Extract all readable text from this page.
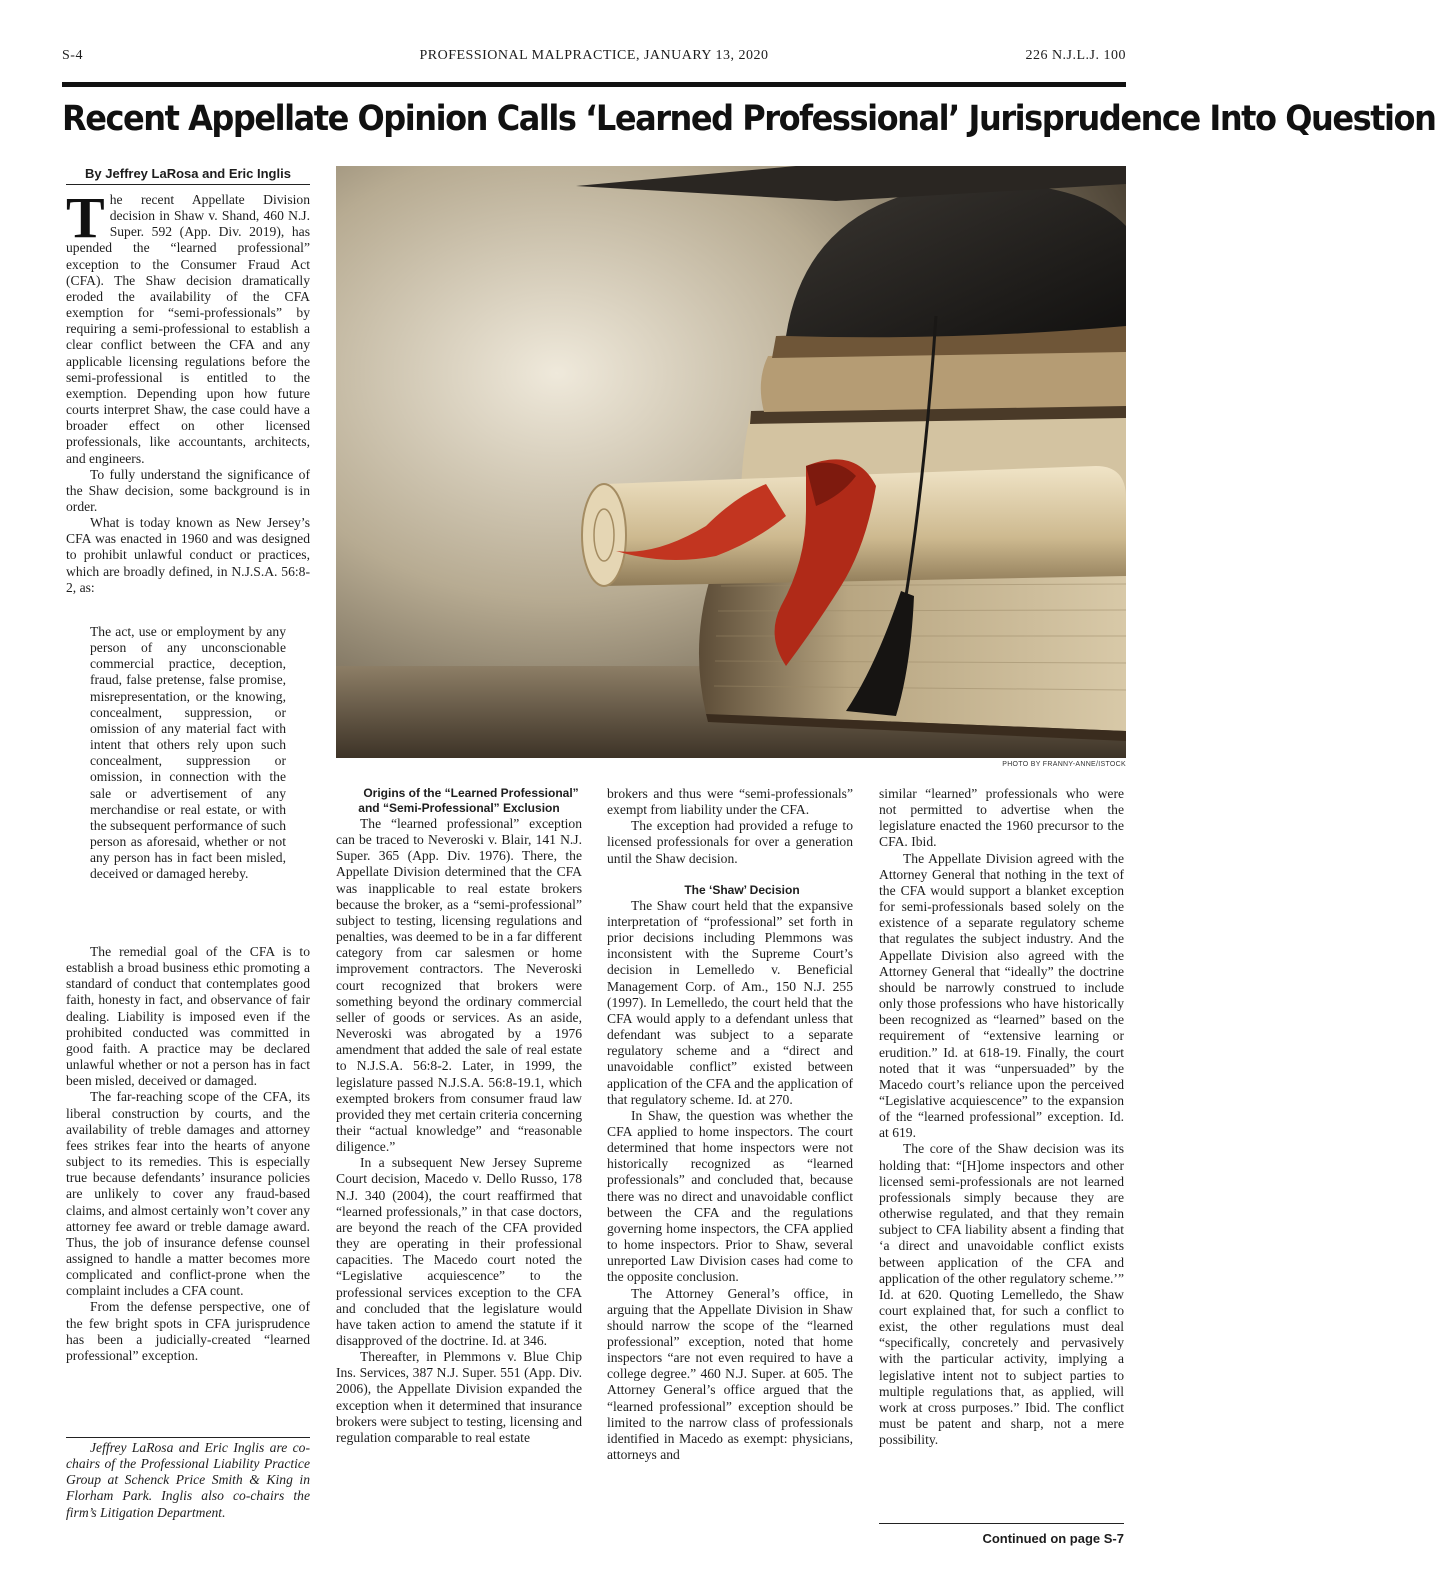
S-4	PROFESSIONAL MALPRACTICE, JANUARY 13, 2020	226 N.J.L.J. 100
Recent Appellate Opinion Calls ‘Learned Professional’ Jurisprudence Into Question
By Jeffrey LaRosa and Eric Inglis

The recent Appellate Division decision in Shaw v. Shand, 460 N.J. Super. 592 (App. Div. 2019), has upended the “learned professional” exception to the Consumer Fraud Act (CFA). The Shaw decision dramatically eroded the availability of the CFA exemption for “semi-professionals” by requiring a semi-professional to establish a clear conflict between the CFA and any applicable licensing regulations before the semi-professional is entitled to the exemption. Depending upon how future courts interpret Shaw, the case could have a broader effect on other licensed professionals, like accountants, architects, and engineers.

To fully understand the significance of the Shaw decision, some background is in order.

What is today known as New Jersey’s CFA was enacted in 1960 and was designed to prohibit unlawful conduct or practices, which are broadly defined, in N.J.S.A. 56:8-2, as:

The act, use or employment by any person of any unconscionable commercial practice, deception, fraud, false pretense, false promise, misrepresentation, or the knowing, concealment, suppression, or omission of any material fact with intent that others rely upon such concealment, suppression or omission, in connection with the sale or advertisement of any merchandise or real estate, or with the subsequent performance of such person as aforesaid, whether or not any person has in fact been misled, deceived or damaged hereby.

The remedial goal of the CFA is to establish a broad business ethic promoting a standard of conduct that contemplates good faith, honesty in fact, and observance of fair dealing. Liability is imposed even if the prohibited conducted was committed in good faith. A practice may be declared unlawful whether or not a person has in fact been misled, deceived or damaged.

The far-reaching scope of the CFA, its liberal construction by courts, and the availability of treble damages and attorney fees strikes fear into the hearts of anyone subject to its remedies. This is especially true because defendants’ insurance policies are unlikely to cover any fraud-based claims, and almost certainly won’t cover any attorney fee award or treble damage award. Thus, the job of insurance defense counsel assigned to handle a matter becomes more complicated and conflict-prone when the complaint includes a CFA count.

From the defense perspective, one of the few bright spots in CFA jurisprudence has been a judicially-created “learned professional” exception.

Jeffrey LaRosa and Eric Inglis are co-chairs of the Professional Liability Practice Group at Schenck Price Smith & King in Florham Park. Inglis also co-chairs the firm’s Litigation Department.
PHOTO BY FRANNY-ANNE/ISTOCK

Origins of the “Learned Professional” and “Semi-Professional” Exclusion

The “learned professional” exception can be traced to Neveroski v. Blair, 141 N.J. Super. 365 (App. Div. 1976). There, the Appellate Division determined that the CFA was inapplicable to real estate brokers because the broker, as a “semi-professional” subject to testing, licensing regulations and penalties, was deemed to be in a far different category from car salesmen or home improvement contractors. The Neveroski court recognized that brokers were something beyond the ordinary commercial seller of goods or services. As an aside, Neveroski was abrogated by a 1976 amendment that added the sale of real estate to N.J.S.A. 56:8-2. Later, in 1999, the legislature passed N.J.S.A. 56:8-19.1, which exempted brokers from consumer fraud law provided they met certain criteria concerning their “actual knowledge” and “reasonable diligence.”

In a subsequent New Jersey Supreme Court decision, Macedo v. Dello Russo, 178 N.J. 340 (2004), the court reaffirmed that “learned professionals,” in that case doctors, are beyond the reach of the CFA provided they are operating in their professional capacities. The Macedo court noted the “Legislative acquiescence” to the professional services exception to the CFA and concluded that the legislature would have taken action to amend the statute if it disapproved of the doctrine. Id. at 346.

Thereafter, in Plemmons v. Blue Chip Ins. Services, 387 N.J. Super. 551 (App. Div. 2006), the Appellate Division expanded the exception when it determined that insurance brokers were subject to testing, licensing and regulation comparable to real estate

brokers and thus were “semi-professionals” exempt from liability under the CFA.

The exception had provided a refuge to licensed professionals for over a generation until the Shaw decision.

The ‘Shaw’ Decision

The Shaw court held that the expansive interpretation of “professional” set forth in prior decisions including Plemmons was inconsistent with the Supreme Court’s decision in Lemelledo v. Beneficial Management Corp. of Am., 150 N.J. 255 (1997). In Lemelledo, the court held that the CFA would apply to a defendant unless that defendant was subject to a separate regulatory scheme and a “direct and unavoidable conflict” existed between application of the CFA and the application of that regulatory scheme. Id. at 270.

In Shaw, the question was whether the CFA applied to home inspectors. The court determined that home inspectors were not historically recognized as “learned professionals” and concluded that, because there was no direct and unavoidable conflict between the CFA and the regulations governing home inspectors, the CFA applied to home inspectors. Prior to Shaw, several unreported Law Division cases had come to the opposite conclusion.

The Attorney General’s office, in arguing that the Appellate Division in Shaw should narrow the scope of the “learned professional” exception, noted that home inspectors “are not even required to have a college degree.” 460 N.J. Super. at 605. The Attorney General’s office argued that the “learned professional” exception should be limited to the narrow class of professionals identified in Macedo as exempt: physicians, attorneys and

similar “learned” professionals who were not permitted to advertise when the legislature enacted the 1960 precursor to the CFA. Ibid.

The Appellate Division agreed with the Attorney General that nothing in the text of the CFA would support a blanket exception for semi-professionals based solely on the existence of a separate regulatory scheme that regulates the subject industry. And the Appellate Division also agreed with the Attorney General that “ideally” the doctrine should be narrowly construed to include only those professions who have historically been recognized as “learned” based on the requirement of “extensive learning or erudition.” Id. at 618-19. Finally, the court noted that it was “unpersuaded” by the Macedo court’s reliance upon the perceived “Legislative acquiescence” to the expansion of the “learned professional” exception. Id. at 619.

The core of the Shaw decision was its holding that: “[H]ome inspectors and other licensed semi-professionals are not learned professionals simply because they are otherwise regulated, and that they remain subject to CFA liability absent a finding that ‘a direct and unavoidable conflict exists between application of the CFA and application of the other regulatory scheme.’” Id. at 620. Quoting Lemelledo, the Shaw court explained that, for such a conflict to exist, the other regulations must deal “specifically, concretely and pervasively with the particular activity, implying a legislative intent not to subject parties to multiple regulations that, as applied, will work at cross purposes.” Ibid. The conflict must be patent and sharp, not a mere possibility.

Continued on page S-7
